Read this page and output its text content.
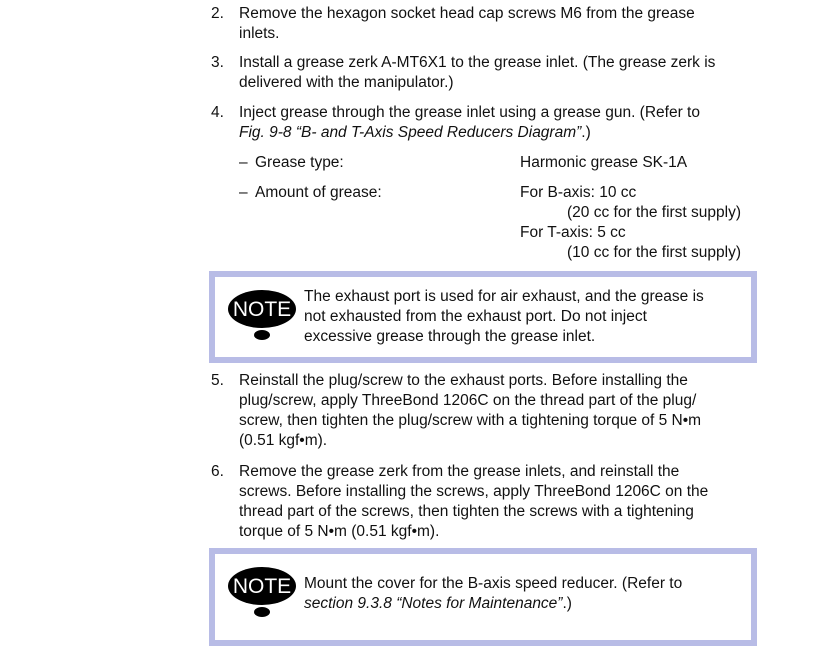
2. Remove the hexagon socket head cap screws M6 from the grease
inlets.
3. Install a grease zerk A-MT6X1 to the grease inlet. (The grease zerk is
delivered with the manipulator.)
4. Inject grease through the grease inlet using a grease gun. (Refer to
Fig. 9-8 “B- and T-Axis Speed Reducers Diagram”.)
– Grease type:	Harmonic grease SK-1A
– Amount of grease:	For B-axis: 10 cc
(20 cc for the first supply)
For T-axis: 5 cc
(10 cc for the first supply)
NOTE
The exhaust port is used for air exhaust, and the grease is
not exhausted from the exhaust port. Do not inject
excessive grease through the grease inlet.
5. Reinstall the plug/screw to the exhaust ports. Before installing the
plug/screw, apply ThreeBond 1206C on the thread part of the plug/
screw, then tighten the plug/screw with a tightening torque of 5 N•m
(0.51 kgf•m).
6. Remove the grease zerk from the grease inlets, and reinstall the
screws. Before installing the screws, apply ThreeBond 1206C on the
thread part of the screws, then tighten the screws with a tightening
torque of 5 N•m (0.51 kgf•m).
NOTE Mount the cover for the B-axis speed reducer. (Refer to
section 9.3.8 “Notes for Maintenance”.)
